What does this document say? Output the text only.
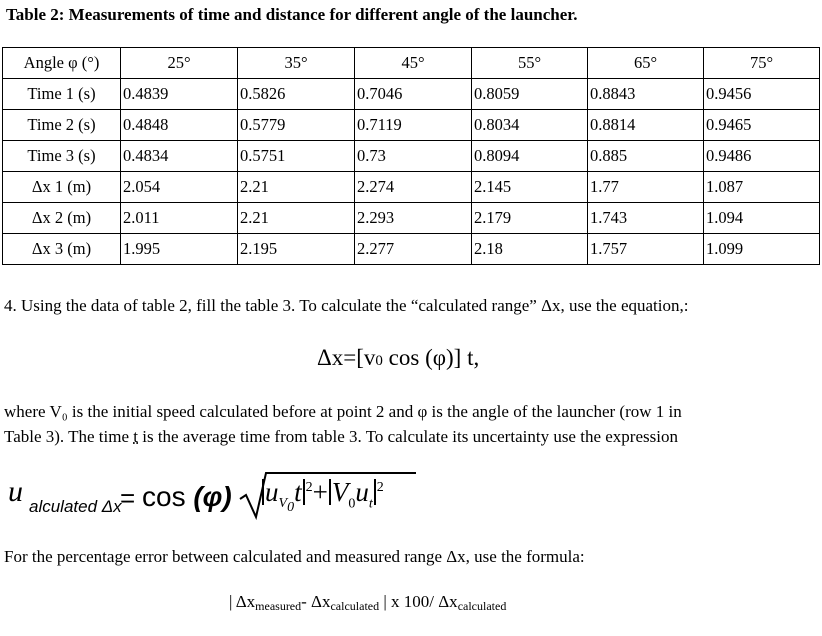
Table 2: Measurements of time and distance for different angle of the launcher.
Angle φ (°)	25°	35°	45°	55°	65°	75°
Time 1 (s)	0.4839	0.5826	0.7046	0.8059	0.8843	0.9456
Time 2 (s)	0.4848	0.5779	0.7119	0.8034	0.8814	0.9465
Time 3 (s)	0.4834	0.5751	0.73	0.8094	0.885	0.9486
Δx 1 (m)	2.054	2.21	2.274	2.145	1.77	1.087
Δx 2 (m)	2.011	2.21	2.293	2.179	1.743	1.094
Δx 3 (m)	1.995	2.195	2.277	2.18	1.757	1.099
4. Using the data of table 2, fill the table 3. To calculate the “calculated range” Δx, use the equation,:
Δx=[v0 cos (φ)] t,
where V₀ is the initial speed calculated before at point 2 and φ is the angle of the launcher (row 1 in
Table 3). The time t is the average time from table 3. To calculate its uncertainty use the expression
u alculated Δx
= cos (φ) $u_{V_0}t$ $^2+ V_0u_t^2$
For the percentage error between calculated and measured range Δx, use the formula:
| Δxmeasured- Δxcalculated | x 100/ Δxcalculated
